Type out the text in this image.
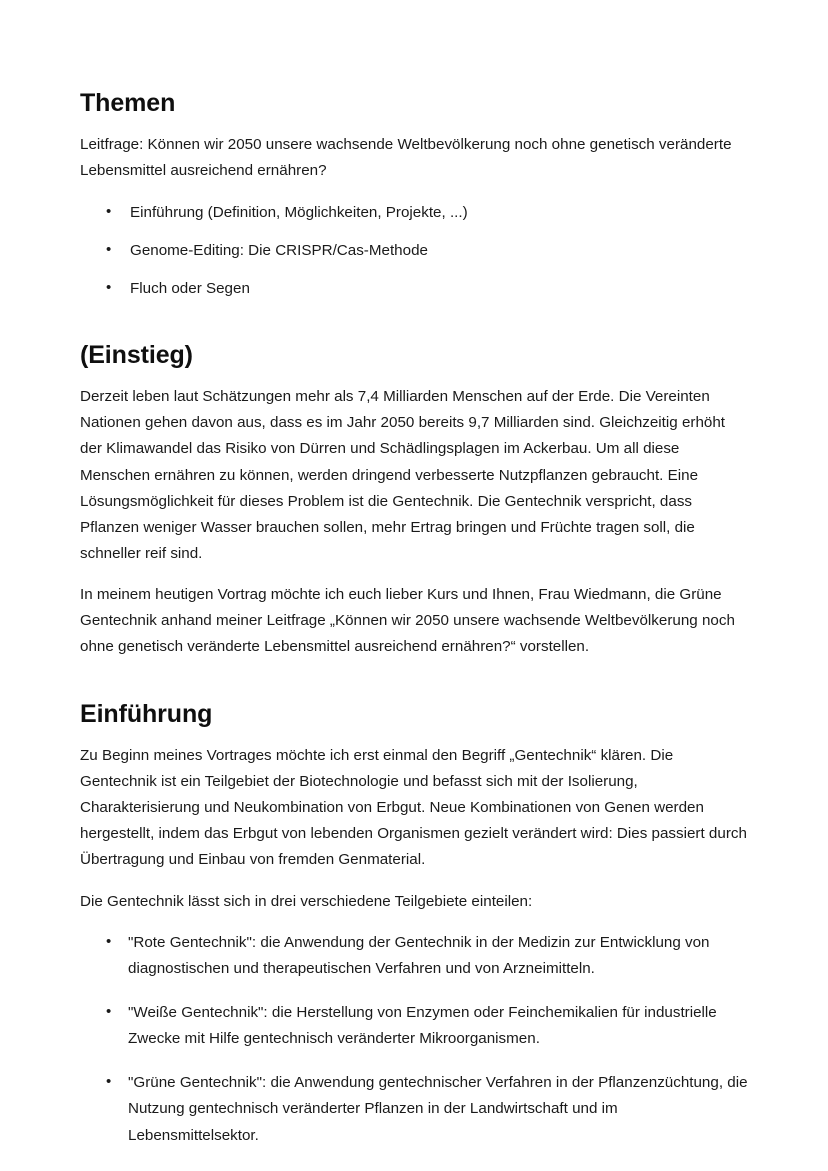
Themen

Leitfrage: Können wir 2050 unsere wachsende Weltbevölkerung noch ohne genetisch veränderte Lebensmittel ausreichend ernähren?

• Einführung (Definition, Möglichkeiten, Projekte, ...)
• Genome-Editing: Die CRISPR/Cas-Methode
• Fluch oder Segen
(Einstieg)

Derzeit leben laut Schätzungen mehr als 7,4 Milliarden Menschen auf der Erde. Die Vereinten Nationen gehen davon aus, dass es im Jahr 2050 bereits 9,7 Milliarden sind. Gleichzeitig erhöht der Klimawandel das Risiko von Dürren und Schädlingsplagen im Ackerbau. Um all diese Menschen ernähren zu können, werden dringend verbesserte Nutzpflanzen gebraucht. Eine Lösungsmöglichkeit für dieses Problem ist die Gentechnik. Die Gentechnik verspricht, dass Pflanzen weniger Wasser brauchen sollen, mehr Ertrag bringen und Früchte tragen soll, die schneller reif sind.

In meinem heutigen Vortrag möchte ich euch lieber Kurs und Ihnen, Frau Wiedmann, die Grüne Gentechnik anhand meiner Leitfrage „Können wir 2050 unsere wachsende Weltbevölkerung noch ohne genetisch veränderte Lebensmittel ausreichend ernähren?“ vorstellen.

Einführung

Zu Beginn meines Vortrages möchte ich erst einmal den Begriff „Gentechnik“ klären. Die Gentechnik ist ein Teilgebiet der Biotechnologie und befasst sich mit der Isolierung, Charakterisierung und Neukombination von Erbgut. Neue Kombinationen von Genen werden hergestellt, indem das Erbgut von lebenden Organismen gezielt verändert wird: Dies passiert durch Übertragung und Einbau von fremden Genmaterial.

Die Gentechnik lässt sich in drei verschiedene Teilgebiete einteilen:

• "Rote Gentechnik": die Anwendung der Gentechnik in der Medizin zur Entwicklung von diagnostischen und therapeutischen Verfahren und von Arzneimitteln.
• "Weiße Gentechnik": die Herstellung von Enzymen oder Feinchemikalien für industrielle Zwecke mit Hilfe gentechnisch veränderter Mikroorganismen.
• "Grüne Gentechnik": die Anwendung gentechnischer Verfahren in der Pflanzenzüchtung, die Nutzung gentechnisch veränderter Pflanzen in der Landwirtschaft und im Lebensmittelsektor.
